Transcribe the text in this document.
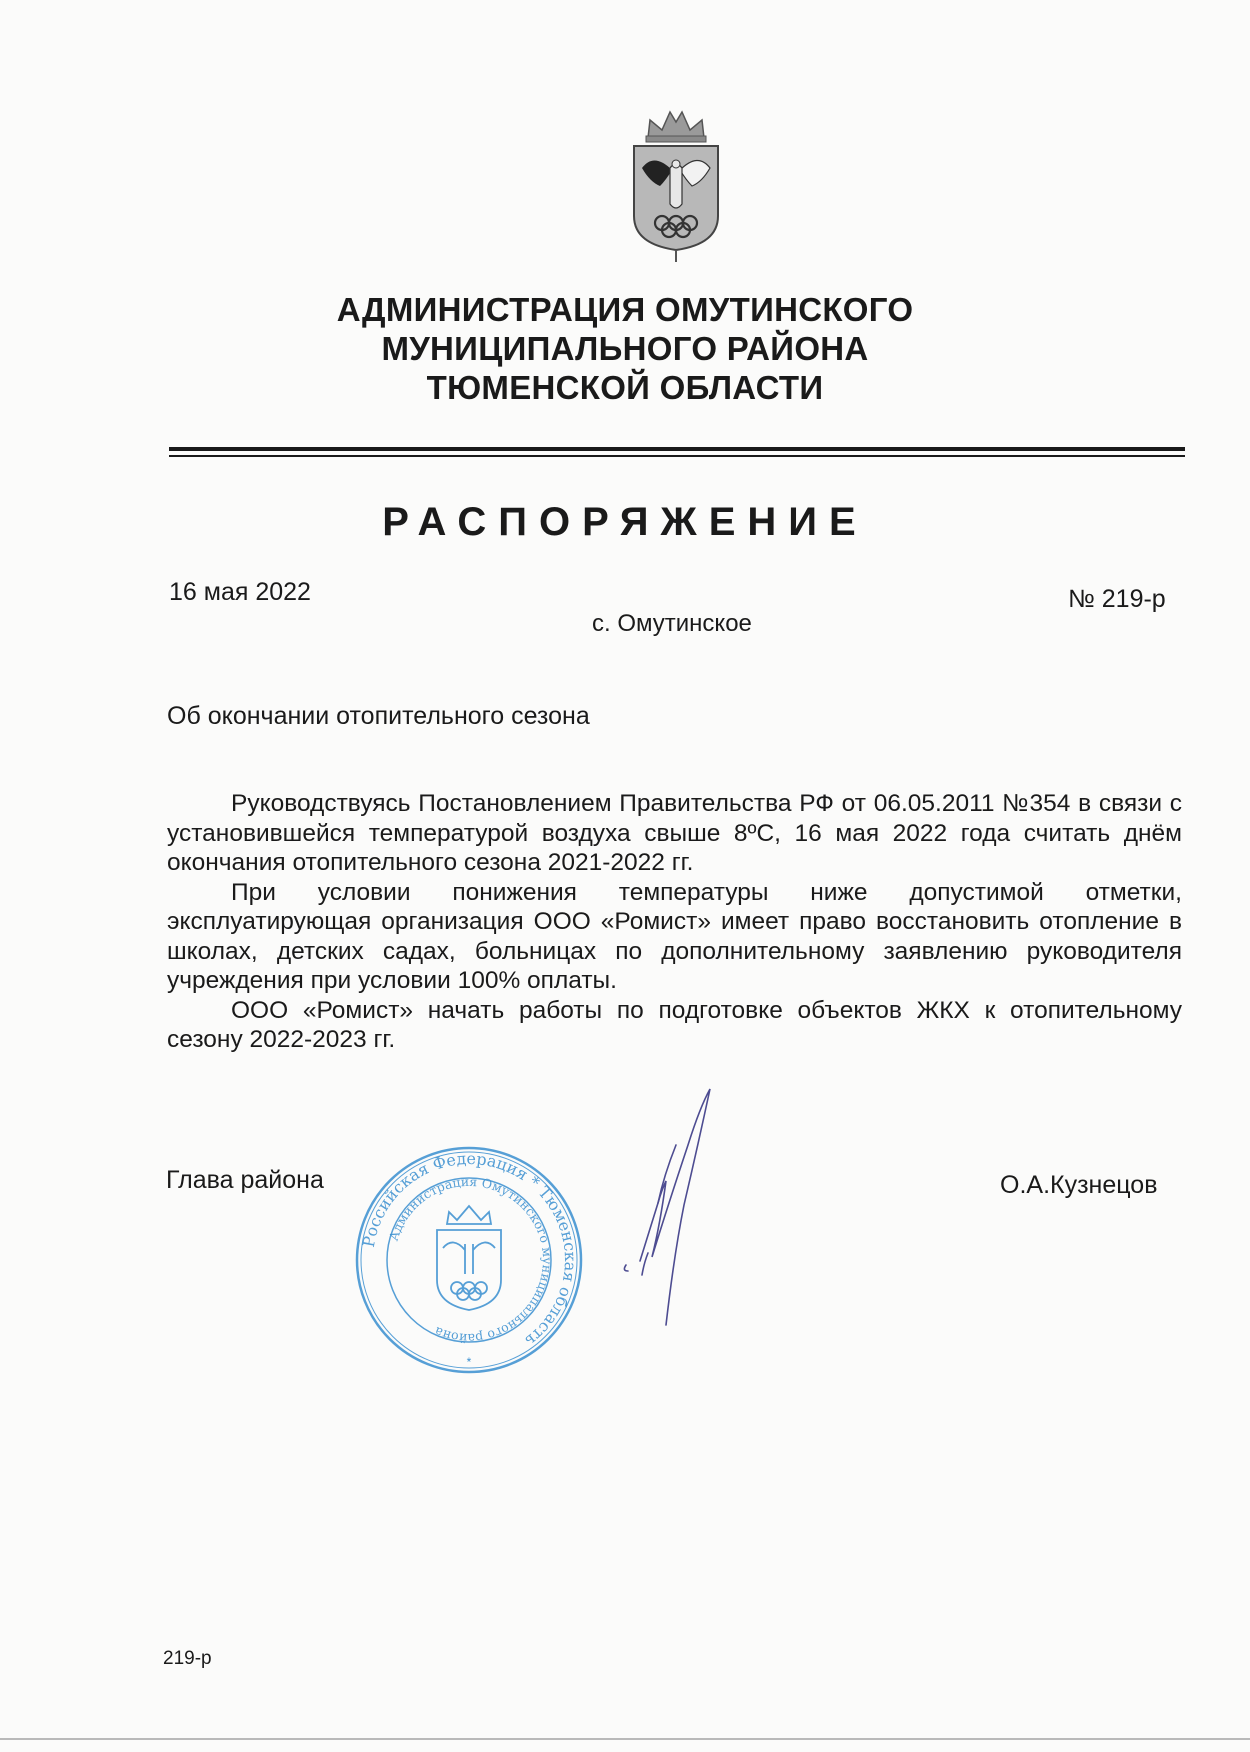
АДМИНИСТРАЦИЯ ОМУТИНСКОГО
МУНИЦИПАЛЬНОГО РАЙОНА
ТЮМЕНСКОЙ ОБЛАСТИ
РАСПОРЯЖЕНИЕ
16 мая 2022	№ 219-р
с. Омутинское
Об окончании отопительного сезона

Руководствуясь Постановлением Правительства РФ от 06.05.2011 №354 в связи с установившейся температурой воздуха свыше 8ºС, 16 мая 2022 года считать днём окончания отопительного сезона 2021-2022 гг.

При условии понижения температуры ниже допустимой отметки, эксплуатирующая организация ООО «Ромист» имеет право восстановить отопление в школах, детских садах, больницах по дополнительному заявлению руководителя учреждения при условии 100% оплаты.

ООО «Ромист» начать работы по подготовке объектов ЖКХ к отопительному сезону 2022-2023 гг.

Глава района	О.А.Кузнецов
Российская Федерация * Тюменская область
Администрация Омутинского муниципального района
*
219-р
